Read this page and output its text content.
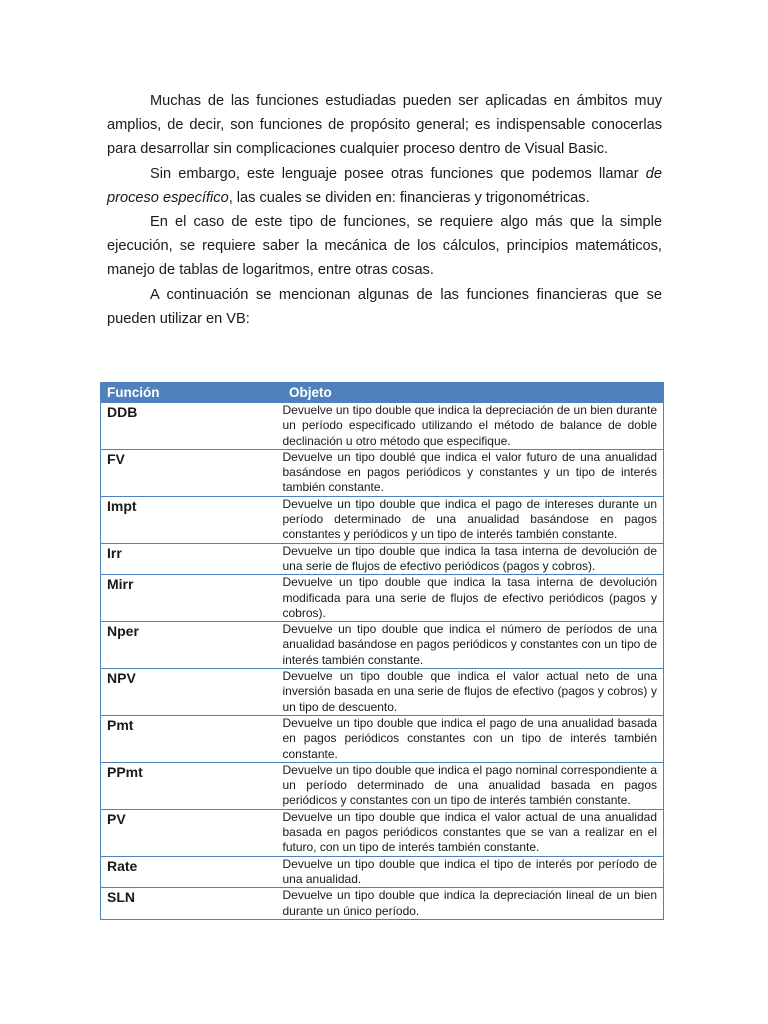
Muchas de las funciones estudiadas pueden ser aplicadas en ámbitos muy amplios, de decir, son funciones de propósito general; es indispensable conocerlas para desarrollar sin complicaciones cualquier proceso dentro de Visual Basic.

Sin embargo, este lenguaje posee otras funciones que podemos llamar de proceso específico, las cuales se dividen en: financieras y trigonométricas.

En el caso de este tipo de funciones, se requiere algo más que la simple ejecución, se requiere saber la mecánica de los cálculos, principios matemáticos, manejo de tablas de logaritmos, entre otras cosas.

A continuación se mencionan algunas de las funciones financieras que se pueden utilizar en VB:

Función	Objeto
DDB	Devuelve un tipo double que indica la depreciación de un bien durante un período especificado utilizando el método de balance de doble declinación u otro método que especifique.
FV	Devuelve un tipo doublé que indica el valor futuro de una anualidad basándose en pagos periódicos y constantes y un tipo de interés también constante.
Impt	Devuelve un tipo double que indica el pago de intereses durante un período determinado de una anualidad basándose en pagos constantes y periódicos y un tipo de interés también constante.
Irr	Devuelve un tipo double que indica la tasa interna de devolución de una serie de flujos de efectivo periódicos (pagos y cobros).
Mirr	Devuelve un tipo double que indica la tasa interna de devolución modificada para una serie de flujos de efectivo periódicos (pagos y cobros).
Nper	Devuelve un tipo double que indica el número de períodos de una anualidad basándose en pagos periódicos y constantes con un tipo de interés también constante.
NPV	Devuelve un tipo double que indica el valor actual neto de una inversión basada en una serie de flujos de efectivo (pagos y cobros) y un tipo de descuento.
Pmt	Devuelve un tipo double que indica el pago de una anualidad basada en pagos periódicos constantes con un tipo de interés también constante.
PPmt	Devuelve un tipo double que indica el pago nominal correspondiente a un período determinado de una anualidad basada en pagos periódicos y constantes con un tipo de interés también constante.
PV	Devuelve un tipo double que indica el valor actual de una anualidad basada en pagos periódicos constantes que se van a realizar en el futuro, con un tipo de interés también constante.
Rate	Devuelve un tipo double que indica el tipo de interés por período de una anualidad.
SLN	Devuelve un tipo double que indica la depreciación lineal de un bien durante un único período.
